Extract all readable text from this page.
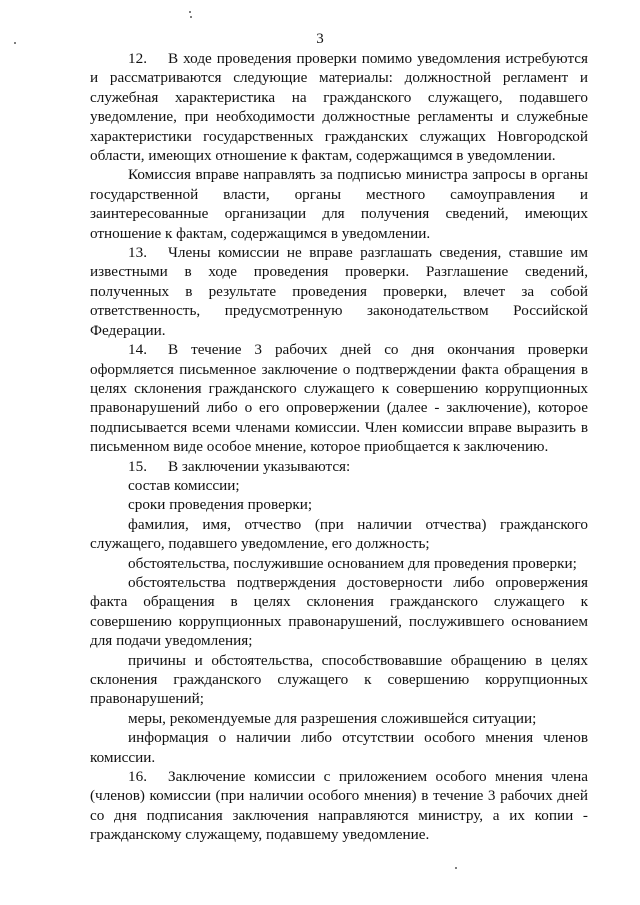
3

12. В ходе проведения проверки помимо уведомления истребуются и рассматриваются следующие материалы: должностной регламент и служебная характеристика на гражданского служащего, подавшего уведомление, при необходимости должностные регламенты и служебные характеристики государственных гражданских служащих Новгородской области, имеющих отношение к фактам, содержащимся в уведомлении.

Комиссия вправе направлять за подписью министра запросы в органы государственной власти, органы местного самоуправления и заинтересованные организации для получения сведений, имеющих отношение к фактам, содержащимся в уведомлении.

13. Члены комиссии не вправе разглашать сведения, ставшие им известными в ходе проведения проверки. Разглашение сведений, полученных в результате проведения проверки, влечет за собой ответственность, предусмотренную законодательством Российской Федерации.

14. В течение 3 рабочих дней со дня окончания проверки оформляется письменное заключение о подтверждении факта обращения в целях склонения гражданского служащего к совершению коррупционных правонарушений либо о его опровержении (далее - заключение), которое подписывается всеми членами комиссии. Член комиссии вправе выразить в письменном виде особое мнение, которое приобщается к заключению.

15. В заключении указываются:

состав комиссии;

сроки проведения проверки;

фамилия, имя, отчество (при наличии отчества) гражданского служащего, подавшего уведомление, его должность;

обстоятельства, послужившие основанием для проведения проверки;

обстоятельства подтверждения достоверности либо опровержения факта обращения в целях склонения гражданского служащего к совершению коррупционных правонарушений, послужившего основанием для подачи уведомления;

причины и обстоятельства, способствовавшие обращению в целях склонения гражданского служащего к совершению коррупционных правонарушений;

меры, рекомендуемые для разрешения сложившейся ситуации;

информация о наличии либо отсутствии особого мнения членов комиссии.

16. Заключение комиссии с приложением особого мнения члена (членов) комиссии (при наличии особого мнения) в течение 3 рабочих дней со дня подписания заключения направляются министру, а их копии - гражданскому служащему, подавшему уведомление.
